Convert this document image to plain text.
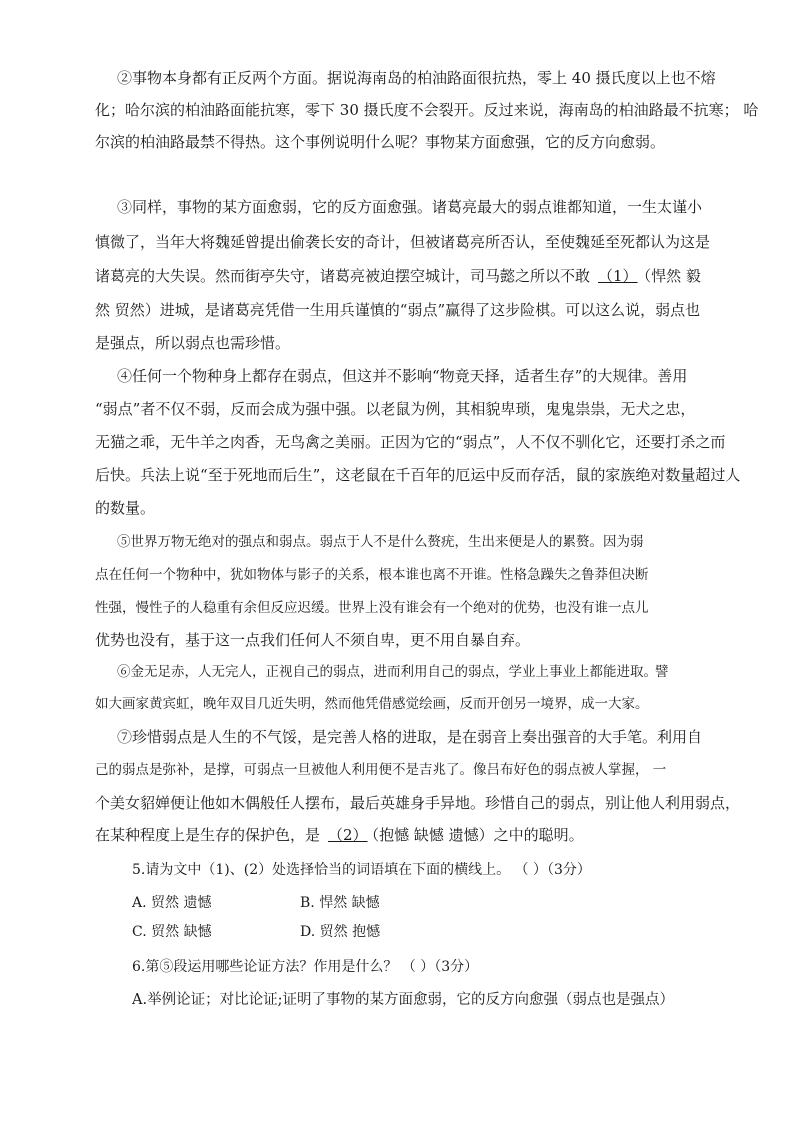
②事物本身都有正反两个方面。据说海南岛的柏油路面很抗热，零上 40 摄氏度以上也不熔
化；哈尔滨的柏油路面能抗寒，零下 30 摄氏度不会裂开。反过来说，海南岛的柏油路最不抗寒； 哈
尔滨的柏油路最禁不得热。这个事例说明什么呢？事物某方面愈强，它的反方向愈弱。
③同样，事物的某方面愈弱，它的反方面愈强。诸葛亮最大的弱点谁都知道，一生太谨小
慎微了，当年大将魏延曾提出偷袭长安的奇计，但被诸葛亮所否认，至使魏延至死都认为这是
诸葛亮的大失误。然而街亭失守，诸葛亮被迫摆空城计，司马懿之所以不敢 （1） （悍然 毅
然 贸然）进城，是诸葛亮凭借一生用兵谨慎的“弱点”赢得了这步险棋。可以这么说，弱点也
是强点，所以弱点也需珍惜。
④任何一个物种身上都存在弱点，但这并不影响“物竟天择，适者生存”的大规律。善用
“弱点”者不仅不弱，反而会成为强中强。以老鼠为例，其相貌卑琐，鬼鬼祟祟，无犬之忠，
无猫之乖，无牛羊之肉香，无鸟禽之美丽。正因为它的“弱点”，人不仅不驯化它，还要打杀之而
后快。兵法上说“至于死地而后生”，这老鼠在千百年的厄运中反而存活，鼠的家族绝对数量超过人
的数量。
⑤世界万物无绝对的强点和弱点。弱点于人不是什么赘疣，生出来便是人的累赘。因为弱
点在任何一个物种中，犹如物体与影子的关系，根本谁也离不开谁。性格急躁失之鲁莽但决断
性强，慢性子的人稳重有余但反应迟缓。世界上没有谁会有一个绝对的优势，也没有谁一点儿
优势也没有，基于这一点我们任何人不须自卑，更不用自暴自弃。
⑥金无足赤，人无完人，正视自己的弱点，进而利用自己的弱点，学业上事业上都能进取。
譬
如大画家黄宾虹，晚年双目几近失明，然而他凭借感觉绘画，反而开创另一境界，成一大家。
⑦珍惜弱点是人生的不气馁，是完善人格的进取，是在弱音上奏出强音的大手笔。利用自
己的弱点是弥补，是撑，可弱点一旦被他人利用便不是吉兆了。像吕布好色的弱点被人掌握， 一
个美女貂婵便让他如木偶般任人摆布，最后英雄身手异地。珍惜自己的弱点，别让他人利用弱点，
在某种程度上是生存的保护色，是 （2） （抱憾 缺憾 遗憾）之中的聪明。
5.请为文中（1)、(2）处选择恰当的词语填在下面的横线上。 （ ）（3分）
A. 贸然 遗憾	B. 悍然 缺憾
C. 贸然 缺憾	D. 贸然 抱憾
6.第⑤段运用哪些论证方法？作用是什么？ （ ）（3分）
A.举例论证；对比论证;证明了事物的某方面愈弱，它的反方向愈强（弱点也是强点）
